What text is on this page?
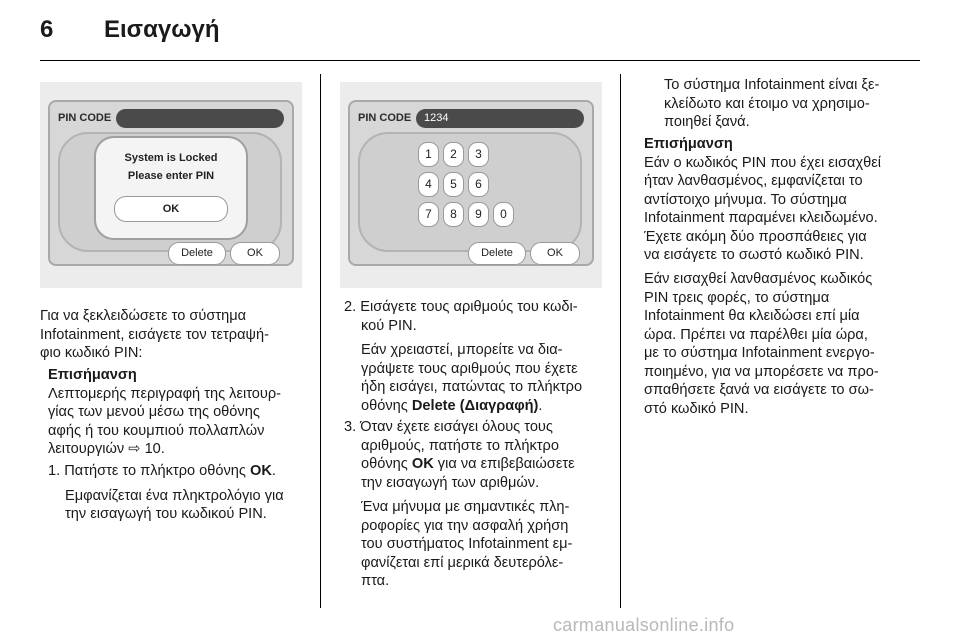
6 Εισαγωγή
PIN CODE
System is Locked
Please enter PIN
OK
Delete	OK
PIN CODE	1234
1	2	3
4	5	6
7	8	9	0
Delete	OK
Για να ξεκλειδώσετε το σύστημα
Infotainment, εισάγετε τον τετραψή-
φιο κωδικό PIN:
Επισήμανση
Λεπτομερής περιγραφή της λειτουρ-
γίας των μενού μέσω της οθόνης
αφής ή του κουμπιού πολλαπλών
λειτουργιών ⇨ 10.
1. Πατήστε το πλήκτρο οθόνης OK.
Εμφανίζεται ένα πληκτρολόγιο για
την εισαγωγή του κωδικού PIN.
2. Εισάγετε τους αριθμούς του κωδι-
κού PIN.
Εάν χρειαστεί, μπορείτε να δια-
γράψετε τους αριθμούς που έχετε
ήδη εισάγει, πατώντας το πλήκτρο
οθόνης Delete (Διαγραφή).
3. Όταν έχετε εισάγει όλους τους
αριθμούς, πατήστε το πλήκτρο
οθόνης OK για να επιβεβαιώσετε
την εισαγωγή των αριθμών.
Ένα μήνυμα με σημαντικές πλη-
ροφορίες για την ασφαλή χρήση
του συστήματος Infotainment εμ-
φανίζεται επί μερικά δευτερόλε-
πτα.
Το σύστημα Infotainment είναι ξε-
κλείδωτο και έτοιμο να χρησιμο-
ποιηθεί ξανά.
Επισήμανση
Εάν ο κωδικός PIN που έχει εισαχθεί
ήταν λανθασμένος, εμφανίζεται το
αντίστοιχο μήνυμα. Το σύστημα
Infotainment παραμένει κλειδωμένο.
Έχετε ακόμη δύο προσπάθειες για
να εισάγετε το σωστό κωδικό PIN.
Εάν εισαχθεί λανθασμένος κωδικός
PIN τρεις φορές, το σύστημα
Infotainment θα κλειδώσει επί μία
ώρα. Πρέπει να παρέλθει μία ώρα,
με το σύστημα Infotainment ενεργο-
ποιημένο, για να μπορέσετε να προ-
σπαθήσετε ξανά να εισάγετε το σω-
στό κωδικό PIN.
carmanualsonline.info
